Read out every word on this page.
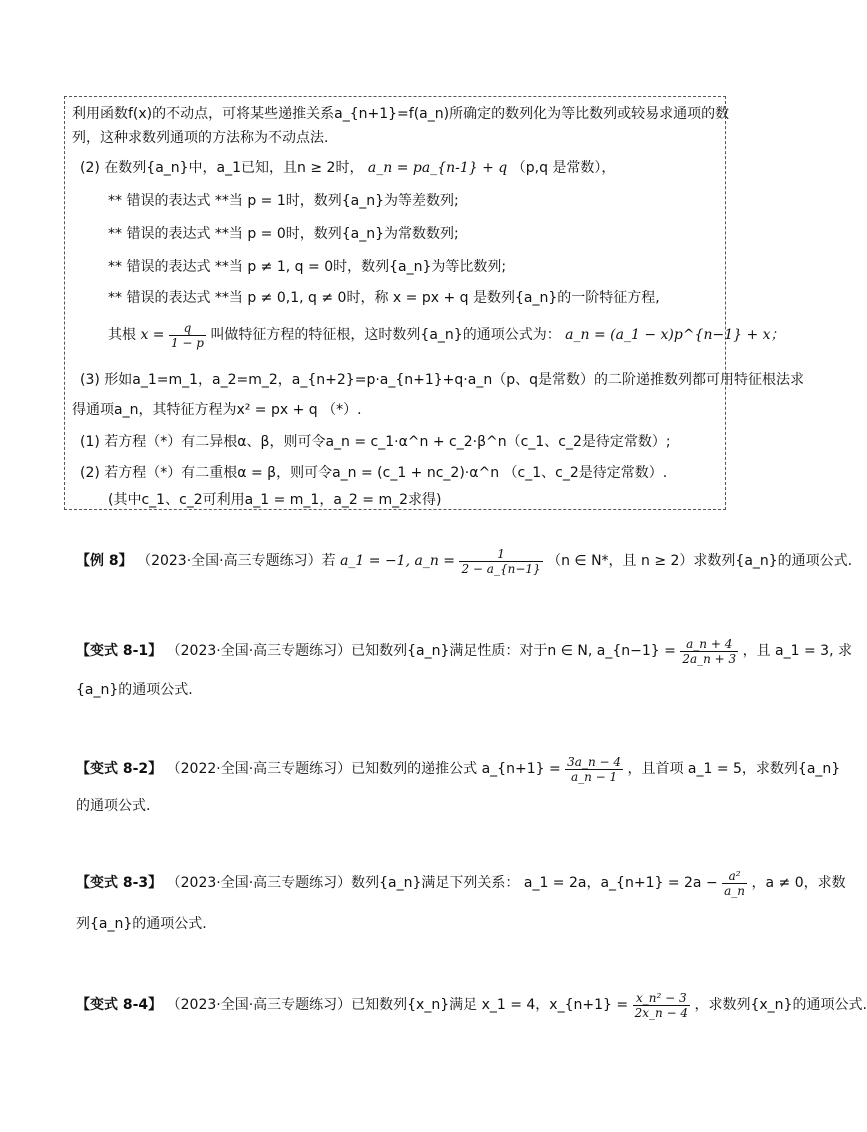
利用函数f(x)的不动点，可将某些递推关系a_{n+1}=f(a_n)所确定的数列化为等比数列或较易求通项的数
列，这种求数列通项的方法称为不动点法.
(2) 在数列{a_n}中，a_1已知，且n ≥ 2时， a_n = pa_{n-1} + q （p,q 是常数），
** 错误的表达式 **当 p = 1时，数列{a_n}为等差数列;
** 错误的表达式 **当 p = 0时，数列{a_n}为常数数列;
** 错误的表达式 **当 p ≠ 1, q = 0时，数列{a_n}为等比数列;
** 错误的表达式 **当 p ≠ 0,1, q ≠ 0时，称 x = px + q 是数列{a_n}的一阶特征方程,
其根 $x = \frac{q}{1 - p}$ 叫做特征方程的特征根，这时数列{a_n}的通项公式为： a_n = (a_1 − x)p^{n−1} + x；
(3) 形如a_1=m_1，a_2=m_2，a_{n+2}=p·a_{n+1}+q·a_n（p、q是常数）的二阶递推数列都可用特征根法求
得通项a_n，其特征方程为x² = px + q （*）.
(1) 若方程（*）有二异根α、β，则可令a_n = c_1·α^n + c_2·β^n（c_1、c_2是待定常数）;
(2) 若方程（*）有二重根α = β，则可令a_n = (c_1 + nc_2)·α^n （c_1、c_2是待定常数）.
(其中c_1、c_2可利用a_1 = m_1，a_2 = m_2求得)
【例 8】 （2023·全国·高三专题练习）若 a_1 = −1, a_n = $\frac{1}{2 - a\_\{n-1\}} (n$ ∈ N*，且 n ≥ 2）求数列{a_n}的通项公式.
【变式 8-1】 （2023·全国·高三专题练习）已知数列{a_n}满足性质：对于n ∈ N, a_{n−1} = $\frac{a\_n + 4}{2a\_n + 3}$ ，且 a_1 = 3, 求
{a_n}的通项公式.
【变式 8-2】 （2022·全国·高三专题练习）已知数列的递推公式 a_{n+1} = $\frac{3a\_n - 4}{a\_n - 1}$ ，且首项 a_1 = 5，求数列{a_n}
的通项公式.
【变式 8-3】 （2023·全国·高三专题练习）数列{a_n}满足下列关系： a_1 = 2a，a_{n+1} = $2a - \frac{\text{a²}}{a\_n}$ ，a ≠ 0，求数
列{a_n}的通项公式.
【变式 8-4】 （2023·全国·高三专题练习）已知数列{x_n}满足 x_1 = 4，x_{n+1} = $\frac{\text{x\_n² − 3}}{2x\_n - 4}$ ，求数列{x_n}的通项公式.
